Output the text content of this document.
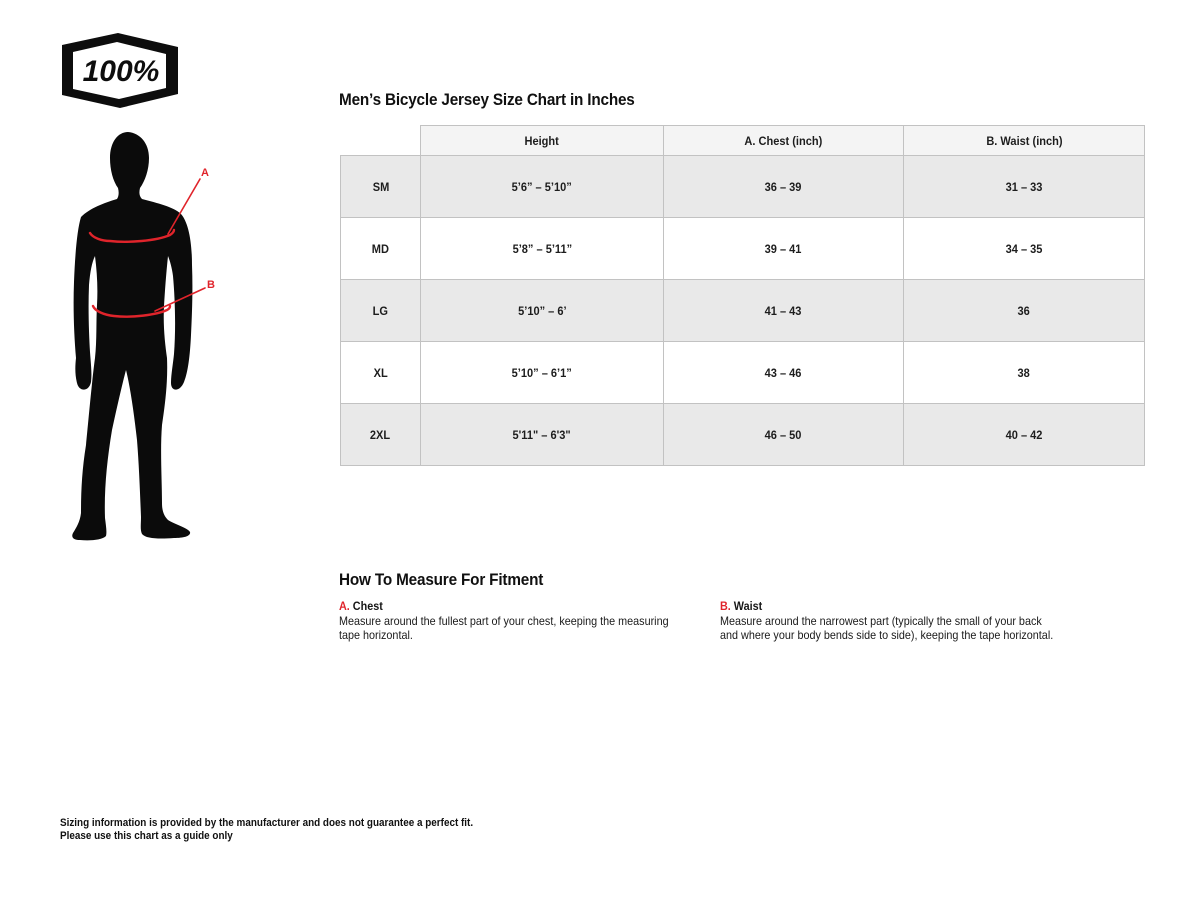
100%
A
B
Men’s Bicycle Jersey Size Chart in Inches
	Height	A. Chest (inch)	B. Waist (inch)
SM	5’6” – 5’10”	36 – 39	31 – 33
MD	5’8” – 5’11”	39 – 41	34 – 35
LG	5’10” – 6’	41 – 43	36
XL	5’10” – 6’1”	43 – 46	38
2XL	5'11" – 6'3"	46 – 50	40 – 42
How To Measure For Fitment
A. Chest

Measure around the fullest part of your chest, keeping the measuring tape horizontal.

B. Waist

Measure around the narrowest part (typically the small of your back and where your body bends side to side), keeping the tape horizontal.

Sizing information is provided by the manufacturer and does not guarantee a perfect fit.
Please use this chart as a guide only
